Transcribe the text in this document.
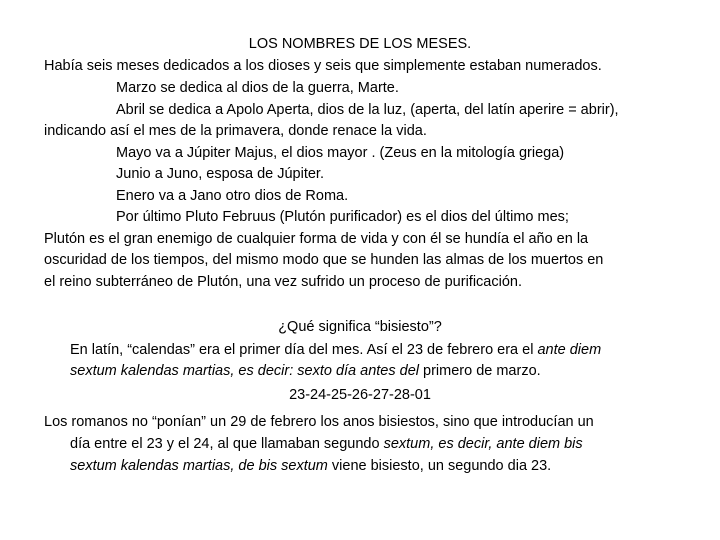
LOS NOMBRES DE LOS MESES.
Había seis meses dedicados a los dioses y seis que simplemente estaban numerados.
Marzo se dedica al dios de la guerra, Marte.
Abril se dedica a Apolo Aperta, dios de la luz, (aperta, del latín aperire = abrir),
indicando así el mes de la primavera, donde renace la vida.
Mayo va a Júpiter Majus, el dios mayor . (Zeus en la mitología griega)
Junio a Juno, esposa de Júpiter.
Enero va a Jano otro dios de Roma.
Por último Pluto Februus (Plutón purificador) es el dios del último mes;
Plutón es el gran enemigo de cualquier forma de vida y con él se hundía el año en la
oscuridad de los tiempos, del mismo modo que se hunden las almas de los muertos en
el reino subterráneo de Plutón, una vez sufrido un proceso de purificación.
¿Qué significa “bisiesto”?
En latín, “calendas” era el primer día del mes. Así el 23 de febrero era el ante diem
sextum kalendas martias, es decir: sexto día antes del primero de marzo.
23-24-25-26-27-28-01
Los romanos no “ponían” un 29 de febrero los anos bisiestos, sino que introducían un
día entre el 23 y el 24, al que llamaban segundo sextum, es decir, ante diem bis
sextum kalendas martias, de bis sextum viene bisiesto, un segundo dia 23.
